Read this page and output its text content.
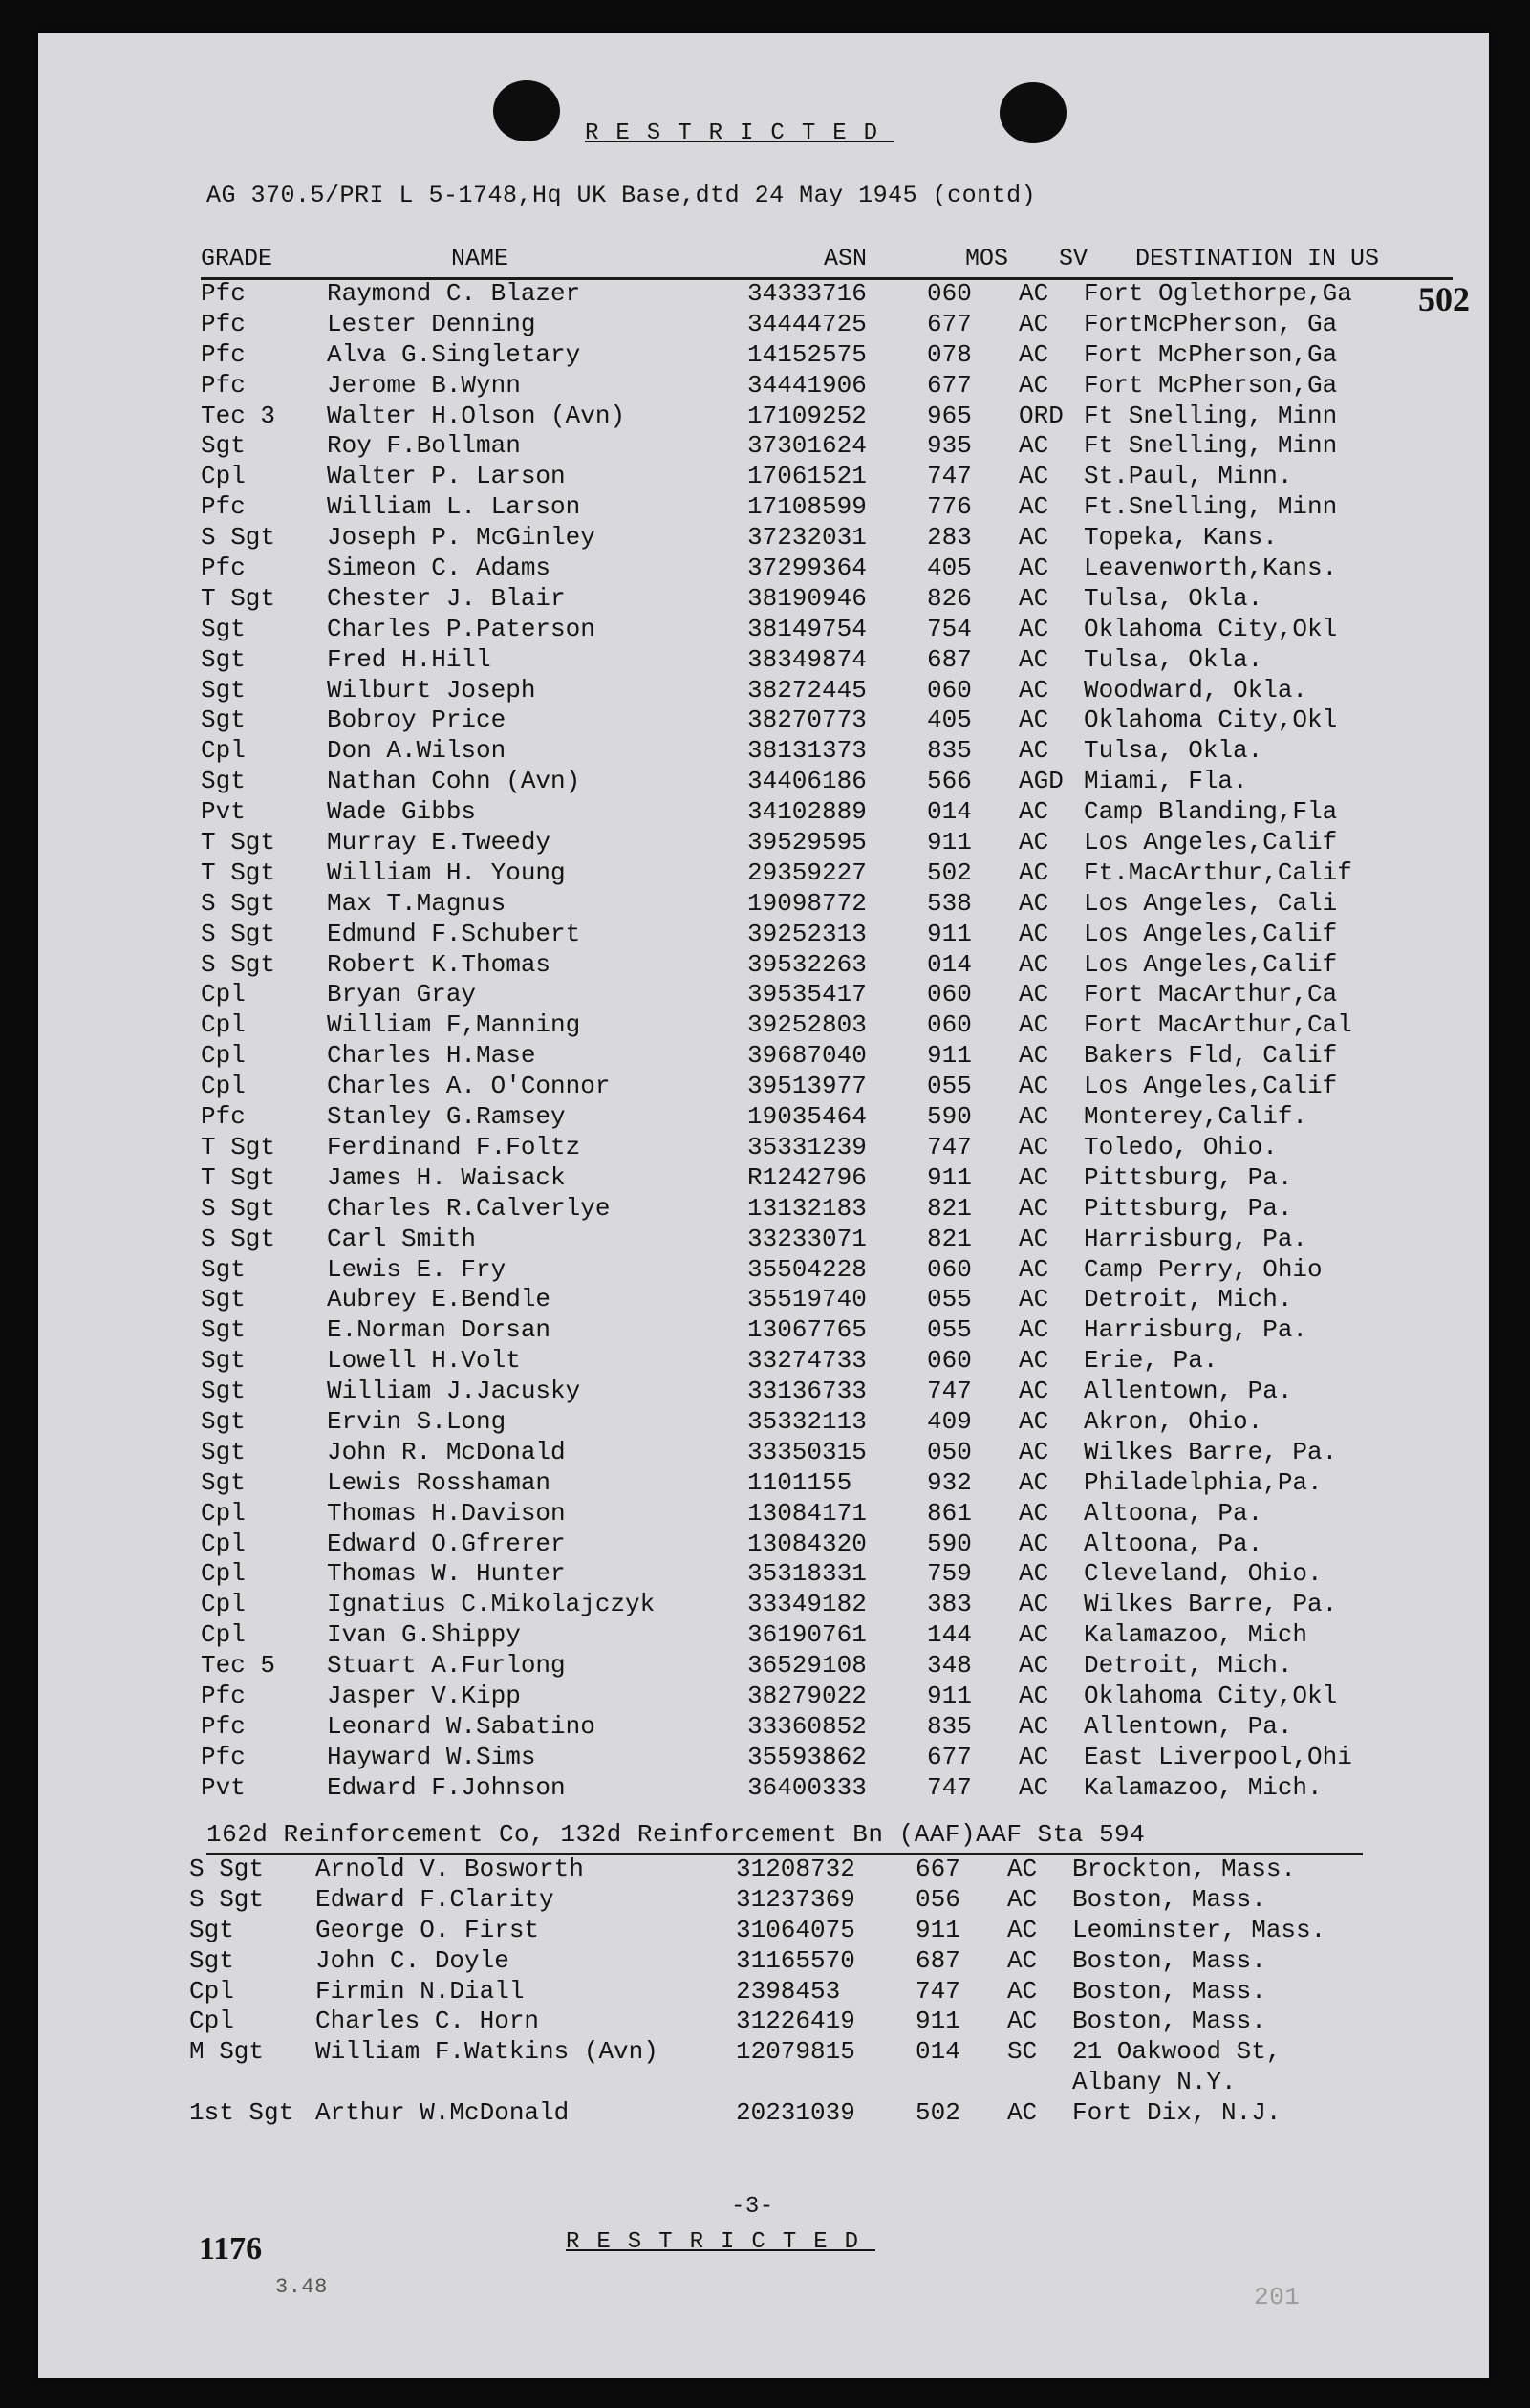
RESTRICTED
AG 370.5/PRI L 5-1748,Hq UK Base,dtd 24 May 1945 (contd)
502
GRADE	NAME	ASN	MOS SV DESTINATION IN US
Pfc	Raymond C. Blazer	34333716	060	AC	Fort Oglethorpe,Ga
Pfc	Lester Denning	34444725	677	AC	FortMcPherson, Ga
Pfc	Alva G.Singletary	14152575	078	AC	Fort McPherson,Ga
Pfc	Jerome B.Wynn	34441906	677	AC	Fort McPherson,Ga
Tec 3	Walter H.Olson (Avn)	17109252	965	ORD	Ft Snelling, Minn
Sgt	Roy F.Bollman	37301624	935	AC	Ft Snelling, Minn
Cpl	Walter P. Larson	17061521	747	AC	St.Paul, Minn.
Pfc	William L. Larson	17108599	776	AC	Ft.Snelling, Minn
S Sgt	Joseph P. McGinley	37232031	283	AC	Topeka, Kans.
Pfc	Simeon C. Adams	37299364	405	AC	Leavenworth,Kans.
T Sgt	Chester J. Blair	38190946	826	AC	Tulsa, Okla.
Sgt	Charles P.Paterson	38149754	754	AC	Oklahoma City,Okl
Sgt	Fred H.Hill	38349874	687	AC	Tulsa, Okla.
Sgt	Wilburt Joseph	38272445	060	AC	Woodward, Okla.
Sgt	Bobroy Price	38270773	405	AC	Oklahoma City,Okl
Cpl	Don A.Wilson	38131373	835	AC	Tulsa, Okla.
Sgt	Nathan Cohn (Avn)	34406186	566	AGD	Miami, Fla.
Pvt	Wade Gibbs	34102889	014	AC	Camp Blanding,Fla
T Sgt	Murray E.Tweedy	39529595	911	AC	Los Angeles,Calif
T Sgt	William H. Young	29359227	502	AC	Ft.MacArthur,Calif
S Sgt	Max T.Magnus	19098772	538	AC	Los Angeles, Cali
S Sgt	Edmund F.Schubert	39252313	911	AC	Los Angeles,Calif
S Sgt	Robert K.Thomas	39532263	014	AC	Los Angeles,Calif
Cpl	Bryan Gray	39535417	060	AC	Fort MacArthur,Ca
Cpl	William F,Manning	39252803	060	AC	Fort MacArthur,Cal
Cpl	Charles H.Mase	39687040	911	AC	Bakers Fld, Calif
Cpl	Charles A. O'Connor	39513977	055	AC	Los Angeles,Calif
Pfc	Stanley G.Ramsey	19035464	590	AC	Monterey,Calif.
T Sgt	Ferdinand F.Foltz	35331239	747	AC	Toledo, Ohio.
T Sgt	James H. Waisack	R1242796	911	AC	Pittsburg, Pa.
S Sgt	Charles R.Calverlye	13132183	821	AC	Pittsburg, Pa.
S Sgt	Carl Smith	33233071	821	AC	Harrisburg, Pa.
Sgt	Lewis E. Fry	35504228	060	AC	Camp Perry, Ohio
Sgt	Aubrey E.Bendle	35519740	055	AC	Detroit, Mich.
Sgt	E.Norman Dorsan	13067765	055	AC	Harrisburg, Pa.
Sgt	Lowell H.Volt	33274733	060	AC	Erie, Pa.
Sgt	William J.Jacusky	33136733	747	AC	Allentown, Pa.
Sgt	Ervin S.Long	35332113	409	AC	Akron, Ohio.
Sgt	John R. McDonald	33350315	050	AC	Wilkes Barre, Pa.
Sgt	Lewis Rosshaman	1101155	932	AC	Philadelphia,Pa.
Cpl	Thomas H.Davison	13084171	861	AC	Altoona, Pa.
Cpl	Edward O.Gfrerer	13084320	590	AC	Altoona, Pa.
Cpl	Thomas W. Hunter	35318331	759	AC	Cleveland, Ohio.
Cpl	Ignatius C.Mikolajczyk	33349182	383	AC	Wilkes Barre, Pa.
Cpl	Ivan G.Shippy	36190761	144	AC	Kalamazoo, Mich
Tec 5	Stuart A.Furlong	36529108	348	AC	Detroit, Mich.
Pfc	Jasper V.Kipp	38279022	911	AC	Oklahoma City,Okl
Pfc	Leonard W.Sabatino	33360852	835	AC	Allentown, Pa.
Pfc	Hayward W.Sims	35593862	677	AC	East Liverpool,Ohi
Pvt	Edward F.Johnson	36400333	747	AC	Kalamazoo, Mich.
162d Reinforcement Co, 132d Reinforcement Bn (AAF)AAF Sta 594
S Sgt	Arnold V. Bosworth	31208732	667	AC	Brockton, Mass.
S Sgt	Edward F.Clarity	31237369	056	AC	Boston, Mass.
Sgt	George O. First	31064075	911	AC	Leominster, Mass.
Sgt	John C. Doyle	31165570	687	AC	Boston, Mass.
Cpl	Firmin N.Diall	2398453	747	AC	Boston, Mass.
Cpl	Charles C. Horn	31226419	911	AC	Boston, Mass.
M Sgt	William F.Watkins (Avn)	12079815	014	SC	21 Oakwood St,
					Albany N.Y.
1st Sgt	Arthur W.McDonald	20231039	502	AC	Fort Dix, N.J.
-3-
RESTRICTED
1176
3.48	201
